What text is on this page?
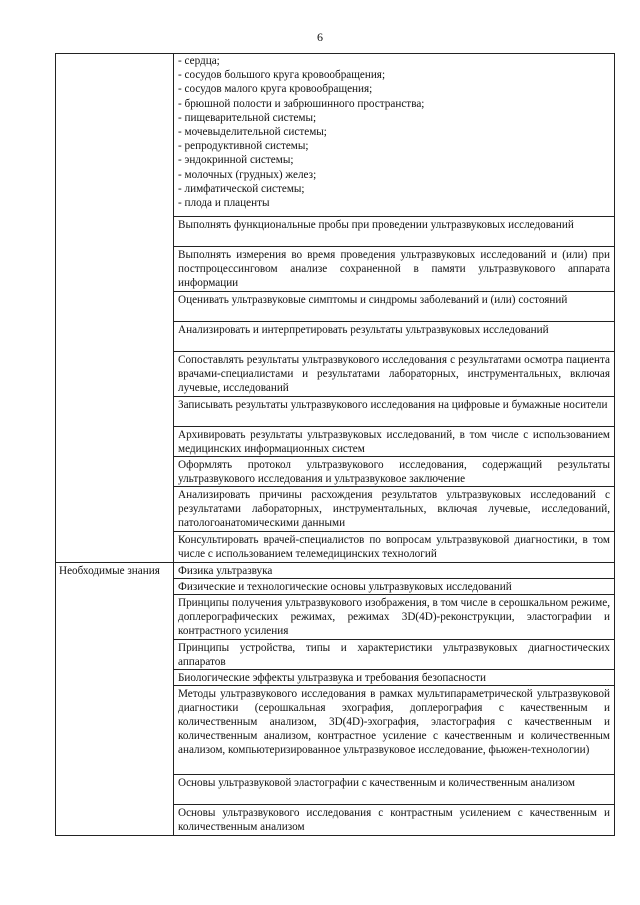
6

- сердца;

- сосудов большого круга кровообращения;

- сосудов малого круга кровообращения;

- брюшной полости и забрюшинного пространства;

- пищеварительной системы;

- мочевыделительной системы;

- репродуктивной системы;

- эндокринной системы;

- молочных (грудных) желез;

- лимфатической системы;

- плода и плаценты

Выполнять функциональные пробы при проведении ультразвуковых исследований

Выполнять измерения во время проведения ультразвуковых исследований и (или) при постпроцессинговом анализе сохраненной в памяти ультразвукового аппарата информации

Оценивать ультразвуковые симптомы и синдромы заболеваний и (или) состояний

Анализировать и интерпретировать результаты ультразвуковых исследований

Сопоставлять результаты ультразвукового исследования с результатами осмотра пациента врачами-специалистами и результатами лабораторных, инструментальных, включая лучевые, исследований

Записывать результаты ультразвукового исследования на цифровые и бумажные носители

Архивировать результаты ультразвуковых исследований, в том числе с использованием медицинских информационных систем

Оформлять протокол ультразвукового исследования, содержащий результаты ультразвукового исследования и ультразвуковое заключение

Анализировать причины расхождения результатов ультразвуковых исследований с результатами лабораторных, инструментальных, включая лучевые, исследований, патологоанатомическими данными

Консультировать врачей-специалистов по вопросам ультразвуковой диагностики, в том числе с использованием телемедицинских технологий

Необходимые знания	Физика ультразвука

Физические и технологические основы ультразвуковых исследований

Принципы получения ультразвукового изображения, в том числе в серошкальном режиме, доплерографических режимах, режимах 3D(4D)-реконструкции, эластографии и контрастного усиления

Принципы устройства, типы и характеристики ультразвуковых диагностических аппаратов

Биологические эффекты ультразвука и требования безопасности

Методы ультразвукового исследования в рамках мультипараметрической ультразвуковой диагностики (серошкальная эхография, доплерография с качественным и количественным анализом, 3D(4D)-эхография, эластография с качественным и количественным анализом, контрастное усиление с качественным и количественным анализом, компьютеризированное ультразвуковое исследование, фьюжен-технологии)

Основы ультразвуковой эластографии с качественным и количественным анализом

Основы ультразвукового исследования с контрастным усилением с качественным и количественным анализом
